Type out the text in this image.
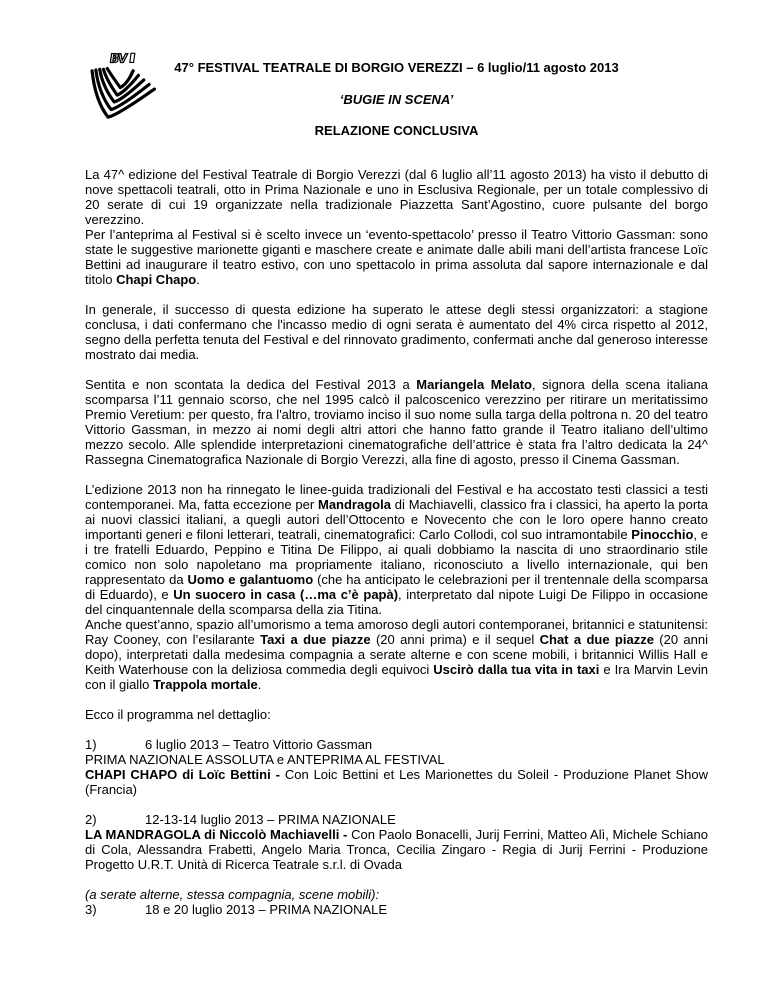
BV
47° FESTIVAL TEATRALE DI BORGIO VEREZZI – 6 luglio/11 agosto 2013
‘BUGIE IN SCENA’
RELAZIONE CONCLUSIVA
La 47^ edizione del Festival Teatrale di Borgio Verezzi (dal 6 luglio all’11 agosto 2013) ha visto il debutto di nove spettacoli teatrali, otto in Prima Nazionale e uno in Esclusiva Regionale, per un totale complessivo di 20 serate di cui 19 organizzate nella tradizionale Piazzetta Sant’Agostino, cuore pulsante del borgo verezzino.
Per l’anteprima al Festival si è scelto invece un ‘evento-spettacolo’ presso il Teatro Vittorio Gassman: sono state le suggestive marionette giganti e maschere create e animate dalle abili mani dell’artista francese Loïc Bettini ad inaugurare il teatro estivo, con uno spettacolo in prima assoluta dal sapore internazionale e dal titolo Chapi Chapo.
In generale, il successo di questa edizione ha superato le attese degli stessi organizzatori: a stagione conclusa, i dati confermano che l'incasso medio di ogni serata è aumentato del 4% circa rispetto al 2012, segno della perfetta tenuta del Festival e del rinnovato gradimento, confermati anche dal generoso interesse mostrato dai media.
Sentita e non scontata la dedica del Festival 2013 a Mariangela Melato, signora della scena italiana scomparsa l’11 gennaio scorso, che nel 1995 calcò il palcoscenico verezzino per ritirare un meritatissimo Premio Veretium: per questo, fra l'altro, troviamo inciso il suo nome sulla targa della poltrona n. 20 del teatro Vittorio Gassman, in mezzo ai nomi degli altri attori che hanno fatto grande il Teatro italiano dell’ultimo mezzo secolo. Alle splendide interpretazioni cinematografiche dell’attrice è stata fra l’altro dedicata la 24^ Rassegna Cinematografica Nazionale di Borgio Verezzi, alla fine di agosto, presso il Cinema Gassman.
L’edizione 2013 non ha rinnegato le linee-guida tradizionali del Festival e ha accostato testi classici a testi contemporanei. Ma, fatta eccezione per Mandragola di Machiavelli, classico fra i classici, ha aperto la porta ai nuovi classici italiani, a quegli autori dell’Ottocento e Novecento che con le loro opere hanno creato importanti generi e filoni letterari, teatrali, cinematografici: Carlo Collodi, col suo intramontabile Pinocchio, e i tre fratelli Eduardo, Peppino e Titina De Filippo, ai quali dobbiamo la nascita di uno straordinario stile comico non solo napoletano ma propriamente italiano, riconosciuto a livello internazionale, qui ben rappresentato da Uomo e galantuomo (che ha anticipato le celebrazioni per il trentennale della scomparsa di Eduardo), e Un suocero in casa (…ma c’è papà), interpretato dal nipote Luigi De Filippo in occasione del cinquantennale della scomparsa della zia Titina.
Anche quest’anno, spazio all’umorismo a tema amoroso degli autori contemporanei, britannici e statunitensi: Ray Cooney, con l’esilarante Taxi a due piazze (20 anni prima) e il sequel Chat a due piazze (20 anni dopo), interpretati dalla medesima compagnia a serate alterne e con scene mobili, i britannici Willis Hall e Keith Waterhouse con la deliziosa commedia degli equivoci Uscirò dalla tua vita in taxi e Ira Marvin Levin con il giallo Trappola mortale.
Ecco il programma nel dettaglio:
1)	6 luglio 2013 – Teatro Vittorio Gassman
PRIMA NAZIONALE ASSOLUTA e ANTEPRIMA AL FESTIVAL
CHAPI CHAPO di Loïc Bettini - Con Loic Bettini et Les Marionettes du Soleil - Produzione Planet Show (Francia)
2)	12-13-14 luglio 2013 – PRIMA NAZIONALE
LA MANDRAGOLA di Niccolò Machiavelli - Con Paolo Bonacelli, Jurij Ferrini, Matteo Alì, Michele Schiano di Cola, Alessandra Frabetti, Angelo Maria Tronca, Cecilia Zingaro - Regia di Jurij Ferrini - Produzione Progetto U.R.T. Unità di Ricerca Teatrale s.r.l. di Ovada
(a serate alterne, stessa compagnia, scene mobili):
3)	18 e 20 luglio 2013 – PRIMA NAZIONALE
